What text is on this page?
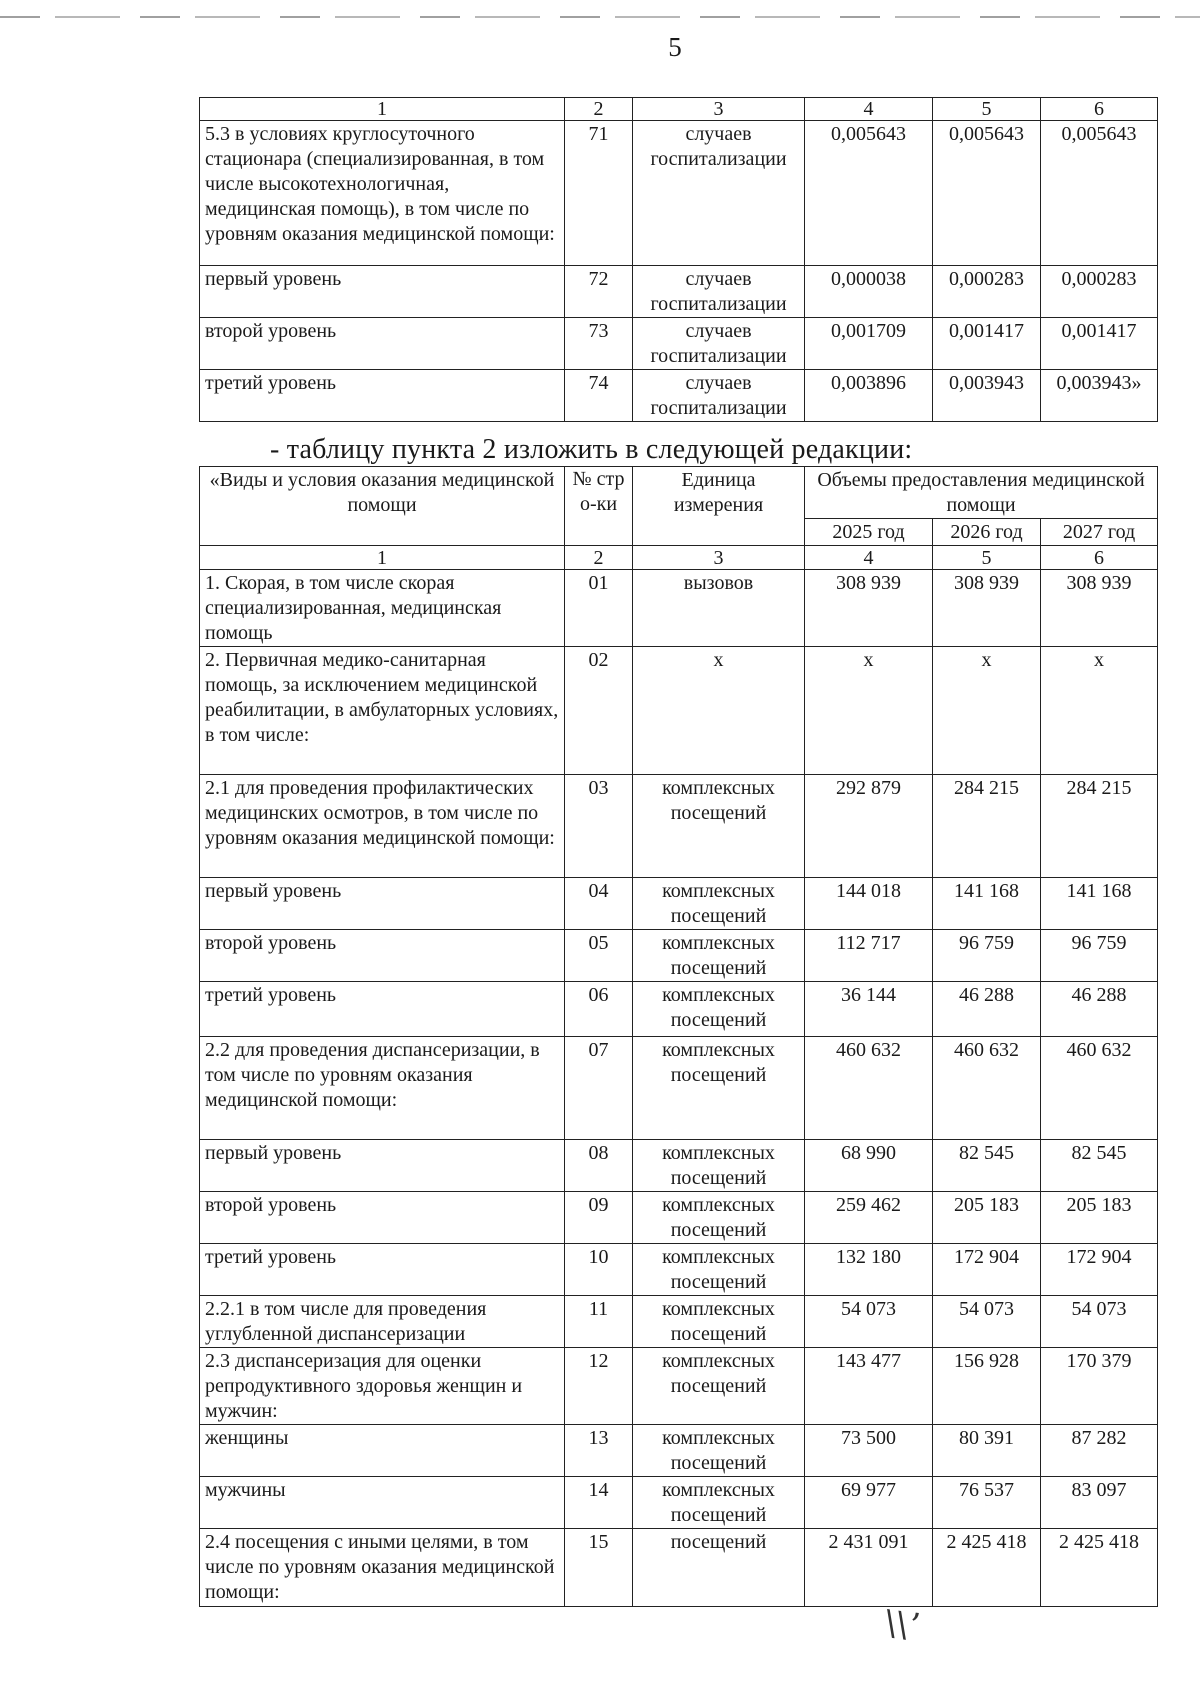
5
1	2	3	4	5	6
5.3 в условиях круглосуточного стационара (специализированная, в том числе высокотехнологичная, медицинская помощь), в том числе по уровням оказания медицинской помощи:	71	случаев госпитализации	0,005643	0,005643	0,005643
первый уровень	72	случаев госпитализации	0,000038	0,000283	0,000283
второй уровень	73	случаев госпитализации	0,001709	0,001417	0,001417
третий уровень	74	случаев госпитализации	0,003896	0,003943	0,003943»
- таблицу пункта 2 изложить в следующей редакции:
«Виды и условия оказания медицинской помощи	№ стро-ки	Единица измерения	Объемы предоставления медицинской помощи		
			2025 год	2026 год	2027 год
1	2	3	4	5	6
1. Скорая, в том числе скорая специализированная, медицинская помощь	01	вызовов	308 939	308 939	308 939
2. Первичная медико-санитарная помощь, за исключением медицинской реабилитации, в амбулаторных условиях, в том числе:	02	х	х	х	х
2.1 для проведения профилактических медицинских осмотров, в том числе по уровням оказания медицинской помощи:	03	комплексных посещений	292 879	284 215	284 215
первый уровень	04	комплексных посещений	144 018	141 168	141 168
второй уровень	05	комплексных посещений	112 717	96 759	96 759
третий уровень	06	комплексных посещений	36 144	46 288	46 288
2.2 для проведения диспансеризации, в том числе по уровням оказания медицинской помощи:	07	комплексных посещений	460 632	460 632	460 632
первый уровень	08	комплексных посещений	68 990	82 545	82 545
второй уровень	09	комплексных посещений	259 462	205 183	205 183
третий уровень	10	комплексных посещений	132 180	172 904	172 904
2.2.1 в том числе для проведения углубленной диспансеризации	11	комплексных посещений	54 073	54 073	54 073
2.3 диспансеризация для оценки репродуктивного здоровья женщин и мужчин:	12	комплексных посещений	143 477	156 928	170 379
женщины	13	комплексных посещений	73 500	80 391	87 282
мужчины	14	комплексных посещений	69 977	76 537	83 097
2.4 посещения с иными целями, в том числе по уровням оказания медицинской помощи:	15	посещений	2 431 091	2 425 418	2 425 418
\\ʼ
